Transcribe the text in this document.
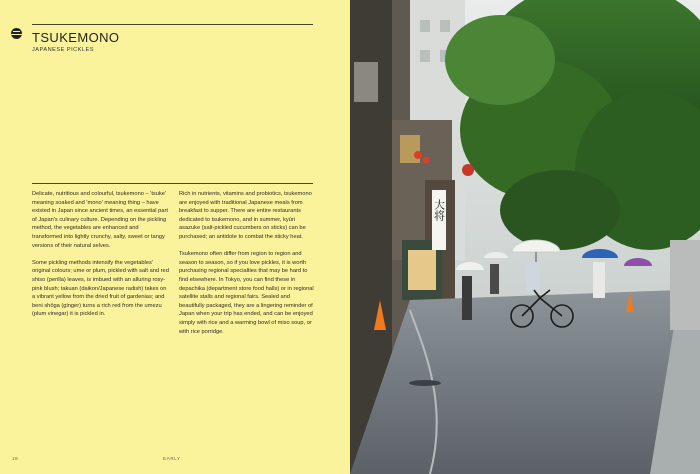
TSUKEMONO
JAPANESE PICKLES

Delicate, nutritious and colourful, tsukemono – 'tsuke' meaning soaked and 'mono' meaning thing – have existed in Japan since ancient times, an essential part of Japan's culinary culture. Depending on the pickling method, the vegetables are enhanced and transformed into lightly crunchy, salty, sweet or tangy versions of their natural selves.

Some pickling methods intensify the vegetables' original colours; ume or plum, pickled with salt and red shiso (perilla) leaves, is imbued with an alluring rosy-pink blush; takuan (daikon/Japanese radish) takes on a vibrant yellow from the dried fruit of gardenias; and beni shōga (ginger) turns a rich red from the umezu (plum vinegar) it is pickled in.

Rich in nutrients, vitamins and probiotics, tsukemono are enjoyed with traditional Japanese meals from breakfast to supper. There are entire restaurants dedicated to tsukemono, and in summer, kyūri asazuke (salt-pickled cucumbers on sticks) can be purchased; an antidote to combat the sticky heat.

Tsukemono often differ from region to region and season to season, so if you love pickles, it is worth purchasing regional specialties that may be hard to find elsewhere. In Tokyo, you can find these in depachika (department store food halls) or in regional satellite stalls and regional fairs. Sealed and beautifully packaged, they are a lingering reminder of Japan when your trip has ended, and can be enjoyed simply with rice and a warming bowl of miso soup, or with rice porridge.

18	EARLY
大将
